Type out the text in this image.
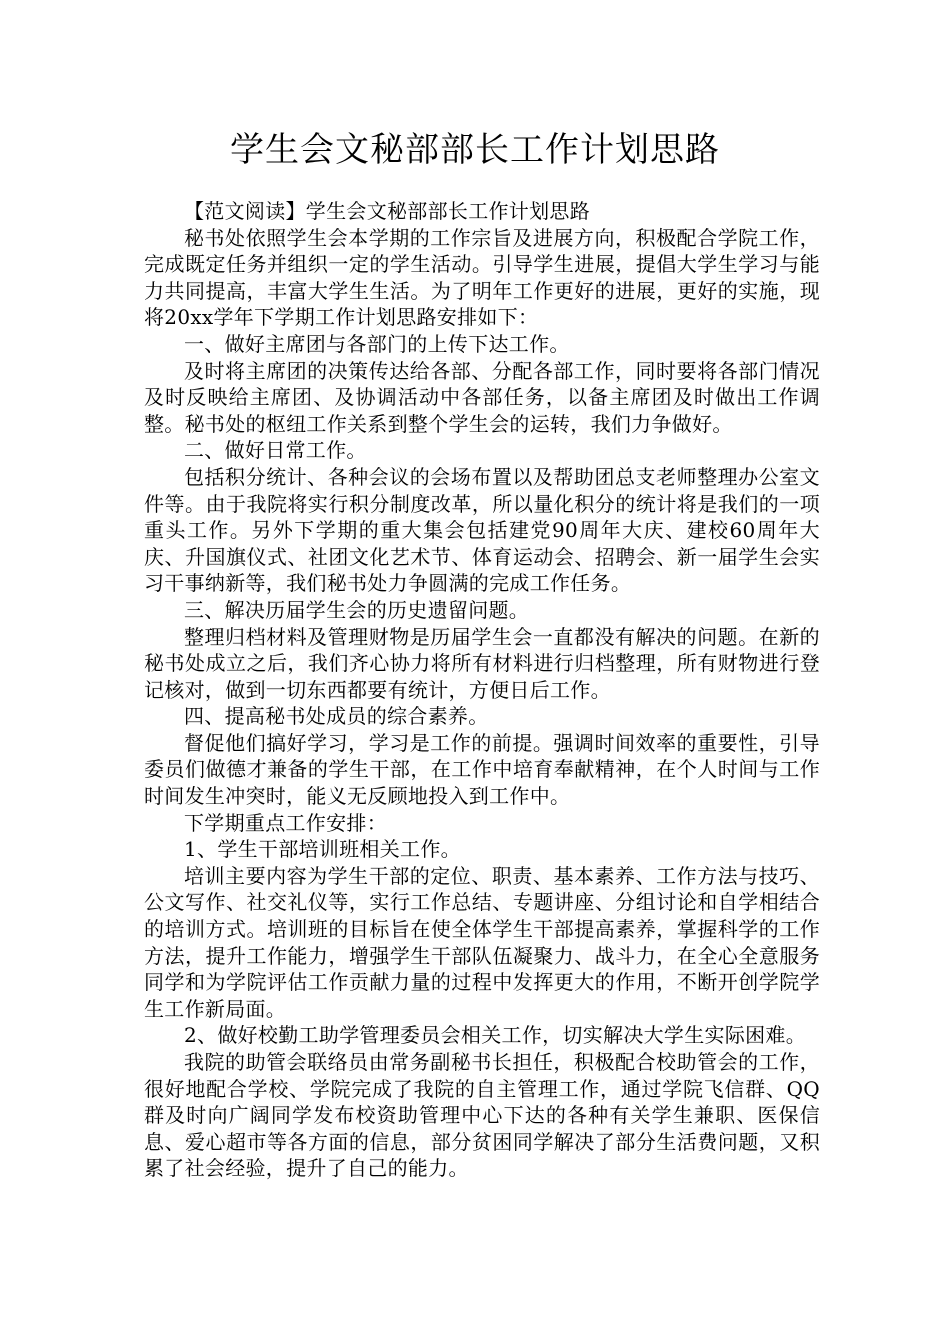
学生会文秘部部长工作计划思路

【范文阅读】学生会文秘部部长工作计划思路

秘书处依照学生会本学期的工作宗旨及进展方向，积极配合学院工作，完成既定任务并组织一定的学生活动。引导学生进展，提倡大学生学习与能力共同提高，丰富大学生生活。为了明年工作更好的进展，更好的实施，现将20xx学年下学期工作计划思路安排如下：

一、做好主席团与各部门的上传下达工作。

及时将主席团的决策传达给各部、分配各部工作，同时要将各部门情况及时反映给主席团、及协调活动中各部任务，以备主席团及时做出工作调整。秘书处的枢纽工作关系到整个学生会的运转，我们力争做好。

二、做好日常工作。

包括积分统计、各种会议的会场布置以及帮助团总支老师整理办公室文件等。由于我院将实行积分制度改革，所以量化积分的统计将是我们的一项重头工作。另外下学期的重大集会包括建党90周年大庆、建校60周年大庆、升国旗仪式、社团文化艺术节、体育运动会、招聘会、新一届学生会实习干事纳新等，我们秘书处力争圆满的完成工作任务。

三、解决历届学生会的历史遗留问题。

整理归档材料及管理财物是历届学生会一直都没有解决的问题。在新的秘书处成立之后，我们齐心协力将所有材料进行归档整理，所有财物进行登记核对，做到一切东西都要有统计，方便日后工作。

四、提高秘书处成员的综合素养。

督促他们搞好学习，学习是工作的前提。强调时间效率的重要性，引导委员们做德才兼备的学生干部，在工作中培育奉献精神，在个人时间与工作时间发生冲突时，能义无反顾地投入到工作中。

下学期重点工作安排：

1、学生干部培训班相关工作。

培训主要内容为学生干部的定位、职责、基本素养、工作方法与技巧、公文写作、社交礼仪等，实行工作总结、专题讲座、分组讨论和自学相结合的培训方式。培训班的目标旨在使全体学生干部提高素养，掌握科学的工作方法，提升工作能力，增强学生干部队伍凝聚力、战斗力，在全心全意服务同学和为学院评估工作贡献力量的过程中发挥更大的作用，不断开创学院学生工作新局面。

2、做好校勤工助学管理委员会相关工作，切实解决大学生实际困难。

我院的助管会联络员由常务副秘书长担任，积极配合校助管会的工作，很好地配合学校、学院完成了我院的自主管理工作，通过学院飞信群、QQ群及时向广阔同学发布校资助管理中心下达的各种有关学生兼职、医保信息、爱心超市等各方面的信息，部分贫困同学解决了部分生活费问题，又积累了社会经验，提升了自己的能力。
